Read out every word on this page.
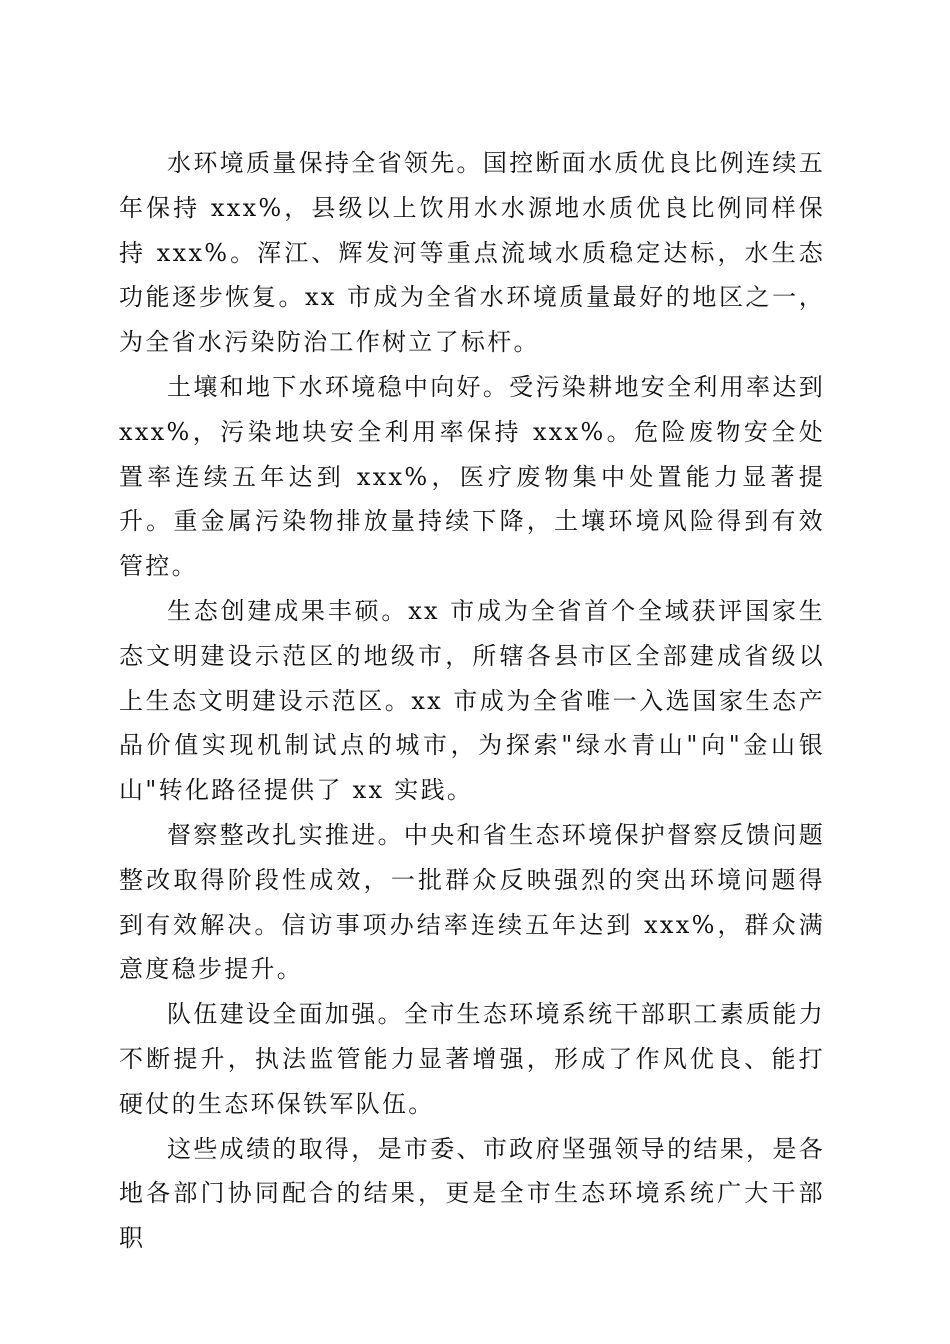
水环境质量保持全省领先。国控断面水质优良比例连续五年保持 xxx%，县级以上饮用水水源地水质优良比例同样保持 xxx%。浑江、辉发河等重点流域水质稳定达标，水生态功能逐步恢复。xx 市成为全省水环境质量最好的地区之一，为全省水污染防治工作树立了标杆。

土壤和地下水环境稳中向好。受污染耕地安全利用率达到 xxx%，污染地块安全利用率保持 xxx%。危险废物安全处置率连续五年达到 xxx%，医疗废物集中处置能力显著提升。重金属污染物排放量持续下降，土壤环境风险得到有效管控。

生态创建成果丰硕。xx 市成为全省首个全域获评国家生态文明建设示范区的地级市，所辖各县市区全部建成省级以上生态文明建设示范区。xx 市成为全省唯一入选国家生态产品价值实现机制试点的城市，为探索"绿水青山"向"金山银山"转化路径提供了 xx 实践。

督察整改扎实推进。中央和省生态环境保护督察反馈问题整改取得阶段性成效，一批群众反映强烈的突出环境问题得到有效解决。信访事项办结率连续五年达到 xxx%，群众满意度稳步提升。

队伍建设全面加强。全市生态环境系统干部职工素质能力不断提升，执法监管能力显著增强，形成了作风优良、能打硬仗的生态环保铁军队伍。

这些成绩的取得，是市委、市政府坚强领导的结果，是各地各部门协同配合的结果，更是全市生态环境系统广大干部职
